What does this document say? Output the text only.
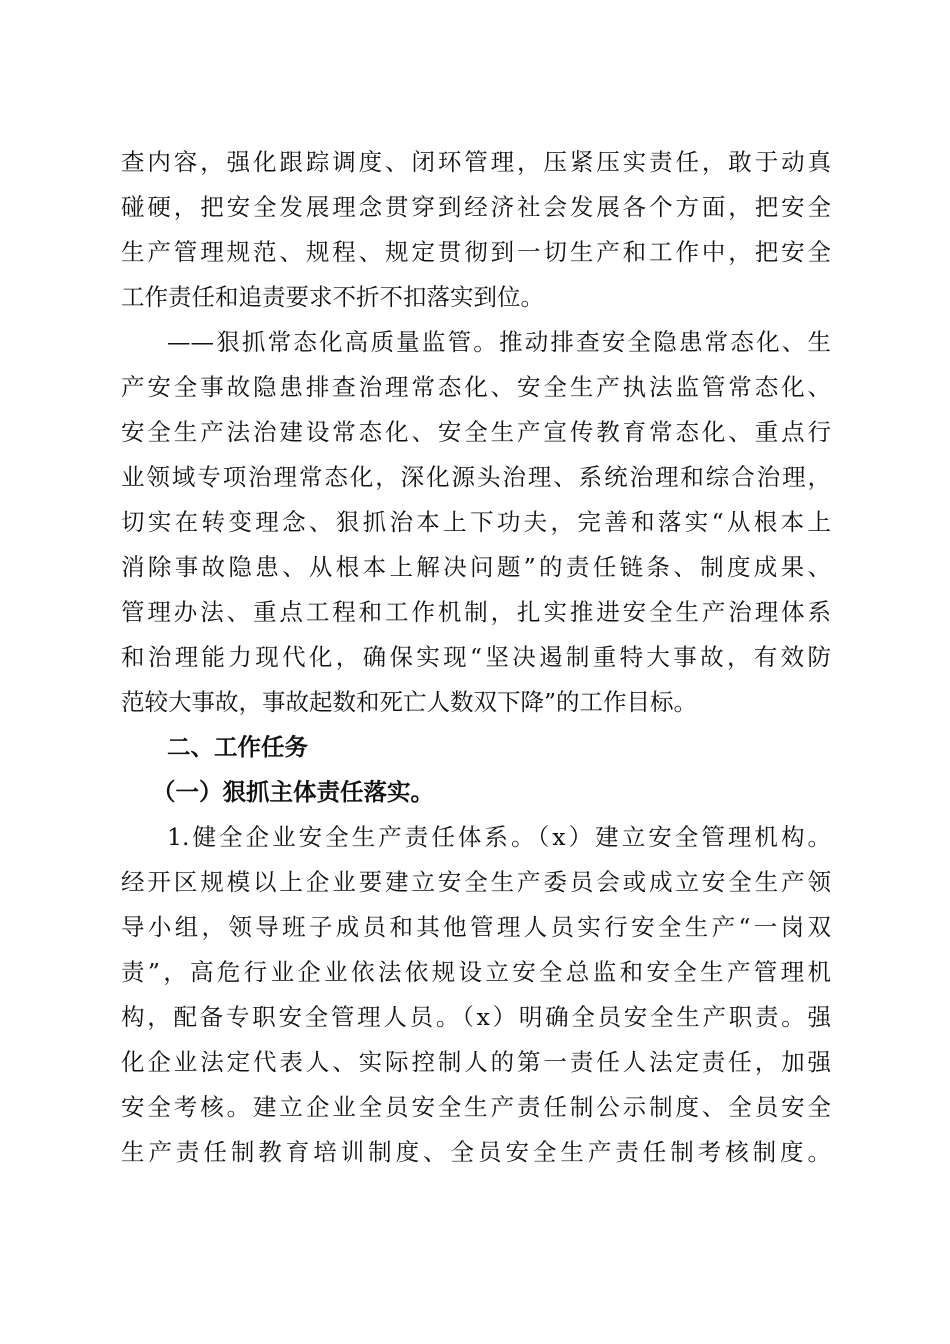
查内容，强化跟踪调度、闭环管理，压紧压实责任，敢于动真
碰硬，把安全发展理念贯穿到经济社会发展各个方面，把安全
生产管理规范、规程、规定贯彻到一切生产和工作中，把安全
工作责任和追责要求不折不扣落实到位。
——狠抓常态化高质量监管。推动排查安全隐患常态化、生
产安全事故隐患排查治理常态化、安全生产执法监管常态化、
安全生产法治建设常态化、安全生产宣传教育常态化、重点行
业领域专项治理常态化，深化源头治理、系统治理和综合治理，
切实在转变理念、狠抓治本上下功夫，完善和落实“从根本上
消除事故隐患、从根本上解决问题”的责任链条、制度成果、
管理办法、重点工程和工作机制，扎实推进安全生产治理体系
和治理能力现代化，确保实现“坚决遏制重特大事故，有效防
范较大事故，事故起数和死亡人数双下降”的工作目标。
二、工作任务
（一）狠抓主体责任落实。
1.健全企业安全生产责任体系。（x）建立安全管理机构。
经开区规模以上企业要建立安全生产委员会或成立安全生产领
导小组，领导班子成员和其他管理人员实行安全生产“一岗双
责”，高危行业企业依法依规设立安全总监和安全生产管理机
构，配备专职安全管理人员。（x）明确全员安全生产职责。强
化企业法定代表人、实际控制人的第一责任人法定责任，加强
安全考核。建立企业全员安全生产责任制公示制度、全员安全
生产责任制教育培训制度、全员安全生产责任制考核制度。
